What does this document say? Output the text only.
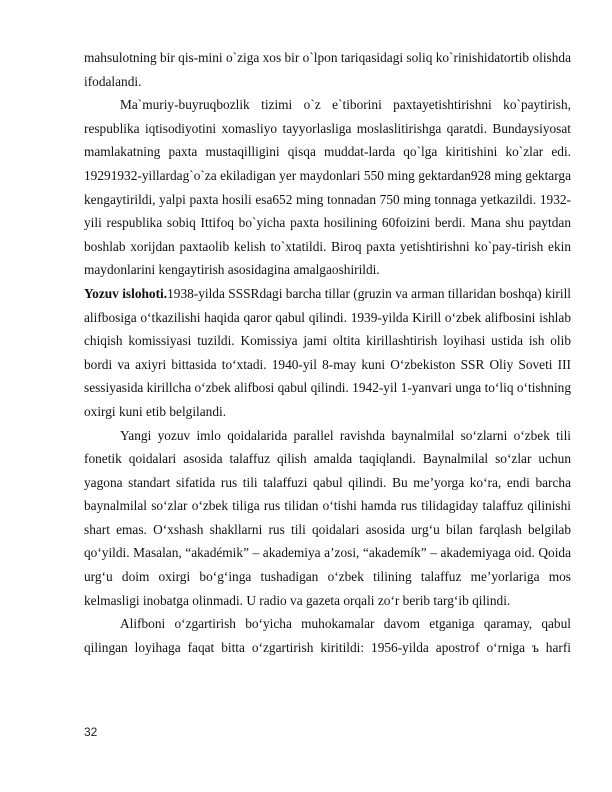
mahsulotning bir qis-mini o`ziga xos bir o`lpon tariqasidagi soliq ko`rinishidatortib olishda ifodalandi.

Ma`muriy-buyruqbozlik tizimi o`z e`tiborini paxtayetishtirishni ko`paytirish, respublika iqtisodiyotini xomasliyo tayyorlasliga moslaslitirishga qaratdi. Bundaysiyosat mamlakatning paxta mustaqilligini qisqa muddat-larda qo`lga kiritishini ko`zlar edi. 19291932-yillardag`o`za ekiladigan yer maydonlari 550 ming gektardan928 ming gektarga kengaytirildi, yalpi paxta hosili esa652 ming tonnadan 750 ming tonnaga yetkazildi. 1932-yili respublika sobiq Ittifoq bo`yicha paxta hosilining 60foizini berdi. Mana shu paytdan boshlab xorijdan paxtaolib kelish to`xtatildi. Biroq paxta yetishtirishni ko`pay-tirish ekin maydonlarini kengaytirish asosidagina amalgaoshirildi.

Yozuv islohoti.1938-yilda SSSRdagi barcha tillar (gruzin va arman tillaridan boshqa) kirill alifbosiga o‘tkazilishi haqida qaror qabul qilindi. 1939-yilda Kirill o‘zbek alifbosini ishlab chiqish komissiyasi tuzildi. Komissiya jami oltita kirillashtirish loyihasi ustida ish olib bordi va axiyri bittasida to‘xtadi. 1940-yil 8-may kuni O‘zbekiston SSR Oliy Soveti III sessiyasida kirillcha o‘zbek alifbosi qabul qilindi. 1942-yil 1-yanvari unga to‘liq o‘tishning oxirgi kuni etib belgilandi.

Yangi yozuv imlo qoidalarida parallel ravishda baynalmilal so‘zlarni o‘zbek tili fonetik qoidalari asosida talaffuz qilish amalda taqiqlandi. Baynalmilal so‘zlar uchun yagona standart sifatida rus tili talaffuzi qabul qilindi. Bu me’yorga ko‘ra, endi barcha baynalmilal so‘zlar o‘zbek tiliga rus tilidan o‘tishi hamda rus tilidagiday talaffuz qilinishi shart emas. O‘xshash shakllarni rus tili qoidalari asosida urg‘u bilan farqlash belgilab qo‘yildi. Masalan, “akadémik” – akademiya a’zosi, “akademík” – akademiyaga oid. Qoida urg‘u doim oxirgi bo‘g‘inga tushadigan o‘zbek tilining talaffuz me’yorlariga mos kelmasligi inobatga olinmadi. U radio va gazeta orqali zo‘r berib targ‘ib qilindi.

Alifboni o‘zgartirish bo‘yicha muhokamalar davom etganiga qaramay, qabul qilingan loyihaga faqat bitta o‘zgartirish kiritildi: 1956-yilda apostrof o‘rniga ъ harfi

32
